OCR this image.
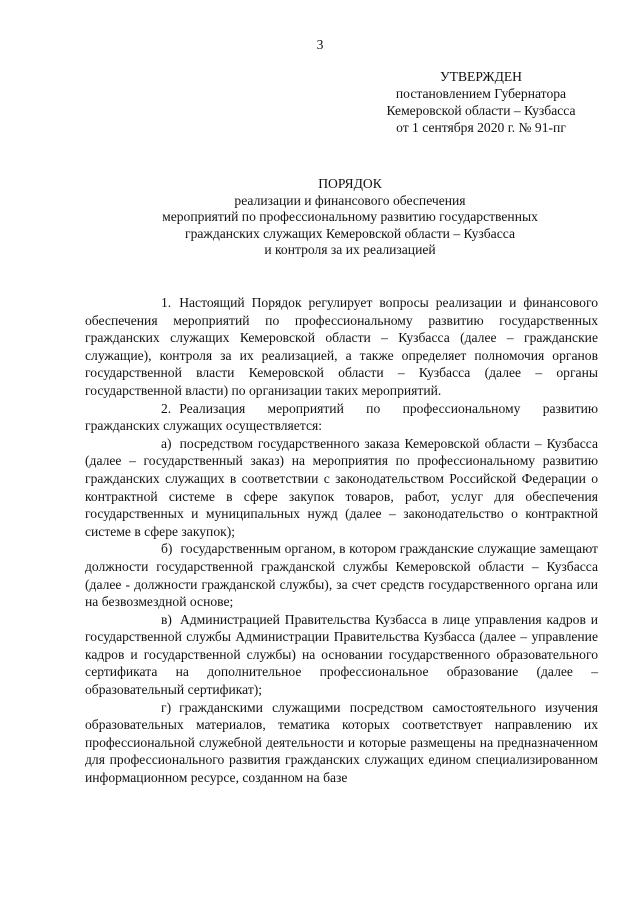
3
УТВЕРЖДЕН
постановлением Губернатора
Кемеровской области – Кузбасса
от 1 сентября 2020 г. № 91-пг
ПОРЯДОК
реализации и финансового обеспечения
мероприятий по профессиональному развитию государственных
гражданских служащих Кемеровской области – Кузбасса
и контроля за их реализацией

1. Настоящий Порядок регулирует вопросы реализации и финансового обеспечения мероприятий по профессиональному развитию государственных гражданских служащих Кемеровской области – Кузбасса (далее – гражданские служащие), контроля за их реализацией, а также определяет полномочия органов государственной власти Кемеровской области – Кузбасса (далее – органы государственной власти) по организации таких мероприятий.

2. Реализация мероприятий по профессиональному развитию гражданских служащих осуществляется:

а) посредством государственного заказа Кемеровской области – Кузбасса (далее – государственный заказ) на мероприятия по профессиональному развитию гражданских служащих в соответствии с законодательством Российской Федерации о контрактной системе в сфере закупок товаров, работ, услуг для обеспечения государственных и муниципальных нужд (далее – законодательство о контрактной системе в сфере закупок);

б) государственным органом, в котором гражданские служащие замещают должности государственной гражданской службы Кемеровской области – Кузбасса (далее - должности гражданской службы), за счет средств государственного органа или на безвозмездной основе;

в) Администрацией Правительства Кузбасса в лице управления кадров и государственной службы Администрации Правительства Кузбасса (далее – управление кадров и государственной службы) на основании государственного образовательного сертификата на дополнительное профессиональное образование (далее – образовательный сертификат);

г) гражданскими служащими посредством самостоятельного изучения образовательных материалов, тематика которых соответствует направлению их профессиональной служебной деятельности и которые размещены на предназначенном для профессионального развития гражданских служащих едином специализированном информационном ресурсе, созданном на базе
